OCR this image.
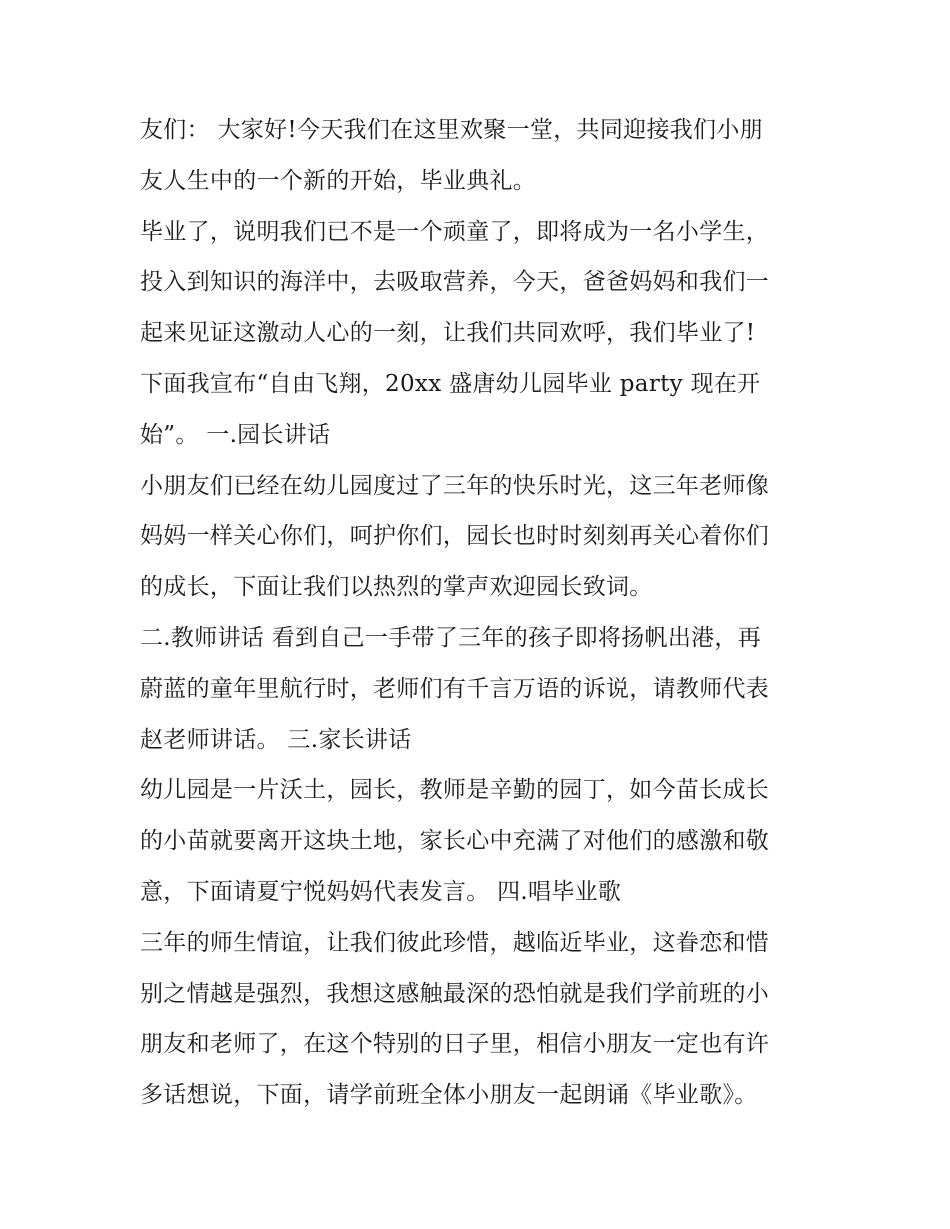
友们： 大家好!今天我们在这里欢聚一堂，共同迎接我们小朋
友人生中的一个新的开始，毕业典礼。
毕业了，说明我们已不是一个顽童了，即将成为一名小学生，
投入到知识的海洋中，去吸取营养，今天，爸爸妈妈和我们一
起来见证这激动人心的一刻，让我们共同欢呼，我们毕业了!
下面我宣布“自由飞翔，20xx 盛唐幼儿园毕业 party 现在开
始”。 一.园长讲话
小朋友们已经在幼儿园度过了三年的快乐时光，这三年老师像
妈妈一样关心你们，呵护你们，园长也时时刻刻再关心着你们
的成长，下面让我们以热烈的掌声欢迎园长致词。
二.教师讲话 看到自己一手带了三年的孩子即将扬帆出港，再
蔚蓝的童年里航行时，老师们有千言万语的诉说，请教师代表
赵老师讲话。 三.家长讲话
幼儿园是一片沃土，园长，教师是辛勤的园丁，如今苗长成长
的小苗就要离开这块土地，家长心中充满了对他们的感激和敬
意，下面请夏宁悦妈妈代表发言。 四.唱毕业歌
三年的师生情谊，让我们彼此珍惜，越临近毕业，这眷恋和惜
别之情越是强烈，我想这感触最深的恐怕就是我们学前班的小
朋友和老师了，在这个特别的日子里，相信小朋友一定也有许
多话想说，下面，请学前班全体小朋友一起朗诵《毕业歌》。
